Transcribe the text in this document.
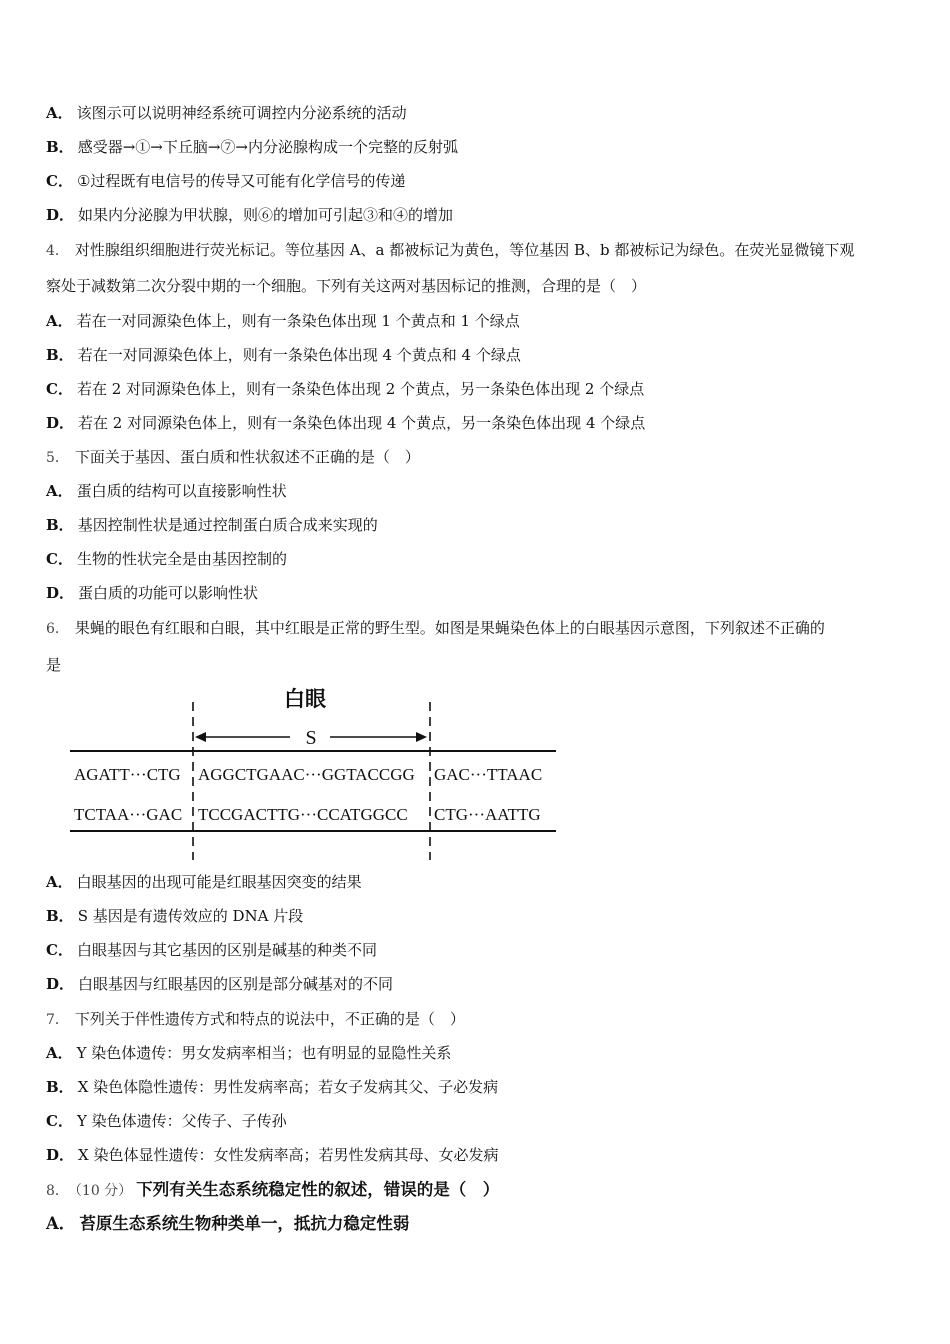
A． 该图示可以说明神经系统可调控内分泌系统的活动
B． 感受器→①→下丘脑→⑦→内分泌腺构成一个完整的反射弧
C． ①过程既有电信号的传导又可能有化学信号的传递
D． 如果内分泌腺为甲状腺，则⑥的增加可引起③和④的增加
4． 对性腺组织细胞进行荧光标记。等位基因 A、a 都被标记为黄色，等位基因 B、b 都被标记为绿色。在荧光显微镜下观
察处于减数第二次分裂中期的一个细胞。下列有关这两对基因标记的推测，合理的是（　）
A． 若在一对同源染色体上，则有一条染色体出现 1 个黄点和 1 个绿点
B． 若在一对同源染色体上，则有一条染色体出现 4 个黄点和 4 个绿点
C． 若在 2 对同源染色体上，则有一条染色体出现 2 个黄点，另一条染色体出现 2 个绿点
D． 若在 2 对同源染色体上，则有一条染色体出现 4 个黄点，另一条染色体出现 4 个绿点
5． 下面关于基因、蛋白质和性状叙述不正确的是（　）
A． 蛋白质的结构可以直接影响性状
B． 基因控制性状是通过控制蛋白质合成来实现的
C． 生物的性状完全是由基因控制的
D． 蛋白质的功能可以影响性状
6． 果蝇的眼色有红眼和白眼，其中红眼是正常的野生型。如图是果蝇染色体上的白眼基因示意图，下列叙述不正确的
是
白眼
S
AGATT···CTG AGGCTGAAC···GGTACCGG GAC···TTAAC
TCTAA···GAC TCCGACTTG···CCATGGCC CTG···AATTG
A． 白眼基因的出现可能是红眼基因突变的结果
B． S 基因是有遗传效应的 DNA 片段
C． 白眼基因与其它基因的区别是碱基的种类不同
D． 白眼基因与红眼基因的区别是部分碱基对的不同
7． 下列关于伴性遗传方式和特点的说法中，不正确的是（　）
A． Y 染色体遗传：男女发病率相当；也有明显的显隐性关系
B． X 染色体隐性遗传：男性发病率高；若女子发病其父、子必发病
C． Y 染色体遗传：父传子、子传孙
D． X 染色体显性遗传：女性发病率高；若男性发病其母、女必发病
8． （10 分） 下列有关生态系统稳定性的叙述，错误的是（　）
A． 苔原生态系统生物种类单一，抵抗力稳定性弱
